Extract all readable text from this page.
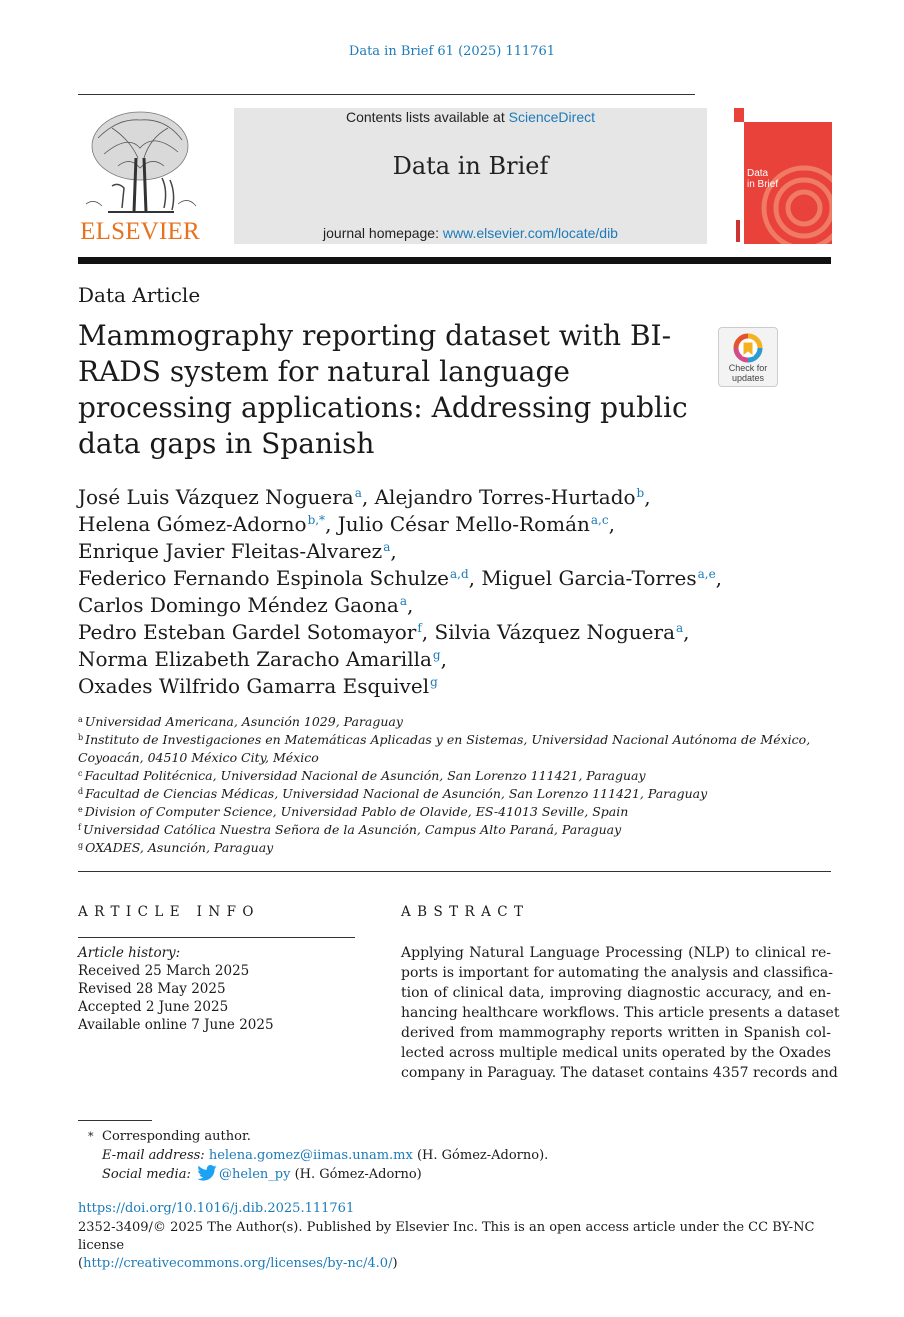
Data in Brief 61 (2025) 111761
ELSEVIER
Contents lists available at ScienceDirect
Data in Brief
journal homepage: www.elsevier.com/locate/dib
Data
in Brief
Data Article
Mammography reporting dataset with BI-RADS system for natural language processing applications: Addressing public data gaps in Spanish
Check for
updates
José Luis Vázquez Noguera$^a$, Alejandro Torres-Hurtado$^b$,
Helena Gómez-Adorno$^{b,*}$, Julio César Mello-Román$^{a,c}$,
Enrique Javier Fleitas-Alvarez$^a$,
Federico Fernando Espinola Schulze$^{a,d}$, Miguel Garcia-Torres$^{a,e}$,
Carlos Domingo Méndez Gaona$^a$,
Pedro Esteban Gardel Sotomayor$^f$, Silvia Vázquez Noguera$^a$,
Norma Elizabeth Zaracho Amarilla$^g$,
Oxades Wilfrido Gamarra Esquivel$^g$
$^a$ Universidad Americana, Asunción 1029, Paraguay
$^b$ Instituto de Investigaciones en Matemáticas Aplicadas y en Sistemas, Universidad Nacional Autónoma de México,
Coyoacán, 04510 México City, México
$^c$ Facultad Politécnica, Universidad Nacional de Asunción, San Lorenzo 111421, Paraguay
$^d$ Facultad de Ciencias Médicas, Universidad Nacional de Asunción, San Lorenzo 111421, Paraguay
$^e$ Division of Computer Science, Universidad Pablo de Olavide, ES-41013 Seville, Spain
$^f$ Universidad Católica Nuestra Señora de la Asunción, Campus Alto Paraná, Paraguay
$^g$ OXADES, Asunción, Paraguay
ARTICLE INFO
Article history:
Received 25 March 2025
Revised 28 May 2025
Accepted 2 June 2025
Available online 7 June 2025
ABSTRACT
Applying Natural Language Processing (NLP) to clinical re-
ports is important for automating the analysis and classifica-
tion of clinical data, improving diagnostic accuracy, and en-
hancing healthcare workflows. This article presents a dataset
derived from mammography reports written in Spanish col-
lected across multiple medical units operated by the Oxades
company in Paraguay. The dataset contains 4357 records and
* Corresponding author.
E-mail address: helena.gomez@iimas.unam.mx (H. Gómez-Adorno).
Social media: @helen_py (H. Gómez-Adorno)
https://doi.org/10.1016/j.dib.2025.111761
2352-3409/© 2025 The Author(s). Published by Elsevier Inc. This is an open access article under the CC BY-NC license
(http://creativecommons.org/licenses/by-nc/4.0/)
